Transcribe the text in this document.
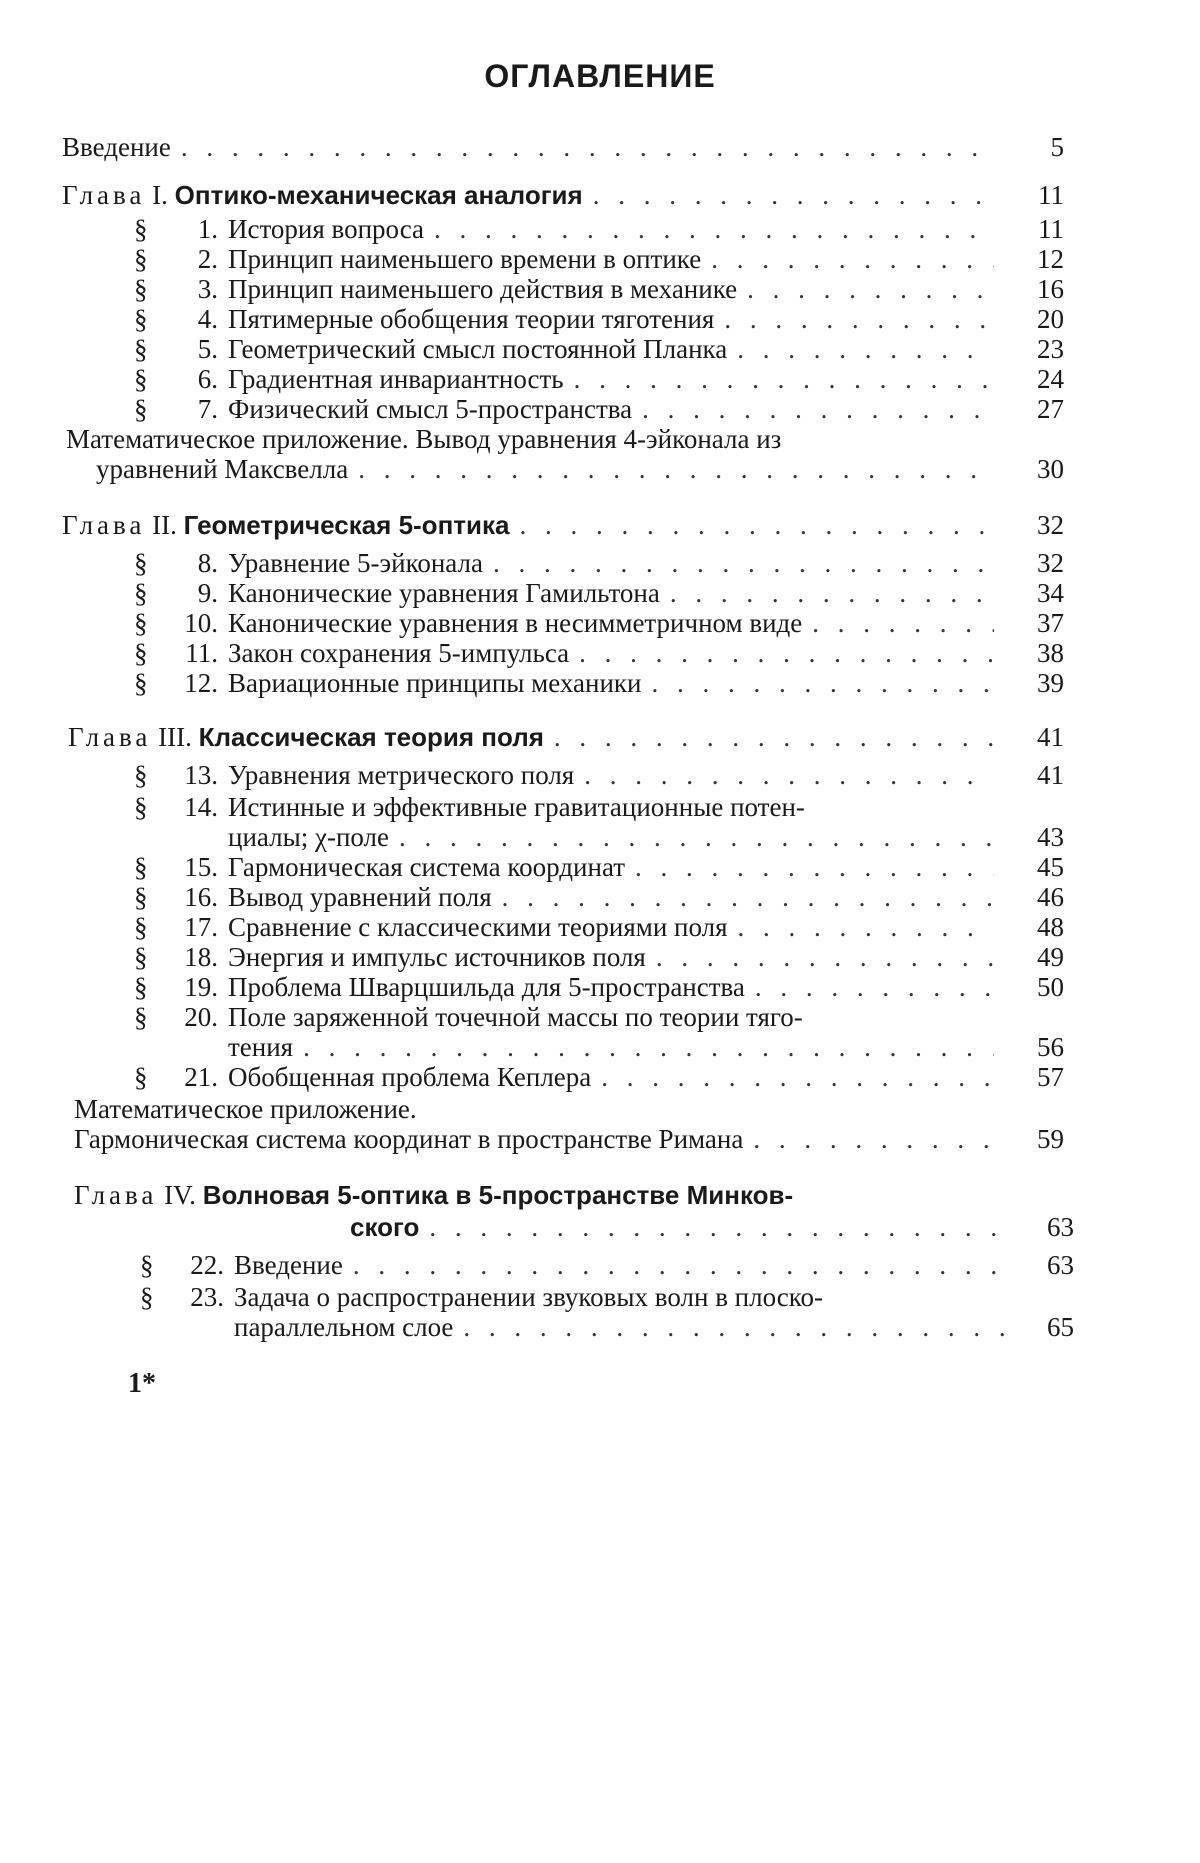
ОГЛАВЛЕНИЕ
Введение . . .	5
Глава I. Оптико-механическая аналогия . . .	11
§ 1. История вопроса . . .	11
§ 2. Принцип наименьшего времени в оптике . . .	12
§ 3. Принцип наименьшего действия в механике . . .	16
§ 4. Пятимерные обобщения теории тяготения . . .	20
§ 5. Геометрический смысл постоянной Планка . . .	23
§ 6. Градиентная инвариантность . . .	24
§ 7. Физический смысл 5-пространства . . .	27
Математическое приложение. Вывод уравнения 4-эйконала из
уравнений Максвелла . . .	30
Глава II. Геометрическая 5-оптика . . .	32
§ 8. Уравнение 5-эйконала . . .	32
§ 9. Канонические уравнения Гамильтона . . .	34
§ 10. Канонические уравнения в несимметричном виде . . .	37
§ 11. Закон сохранения 5-импульса . . .	38
§ 12. Вариационные принципы механики . . .	39
Глава III. Классическая теория поля . . .	41
§ 13. Уравнения метрического поля . . .	41
§ 14. Истинные и эффективные гравитационные потен-
циалы; χ-поле . . .	43
§ 15. Гармоническая система координат . . .	45
§ 16. Вывод уравнений поля . . .	46
§ 17. Сравнение с классическими теориями поля . . .	48
§ 18. Энергия и импульс источников поля . . .	49
§ 19. Проблема Шварцшильда для 5-пространства . . .	50
§ 20. Поле заряженной точечной массы по теории тяго-
тения . . .	56
§ 21. Обобщенная проблема Кеплера . . .	57
Математическое приложение.
Гармоническая система координат в пространстве Римана . . .	59
Глава IV. Волновая 5-оптика в 5-пространстве Минков-
ского . . .	63
§ 22. Введение . . .	63
§ 23. Задача о распространении звуковых волн в плоско-
параллельном слое . . .	65
1*
